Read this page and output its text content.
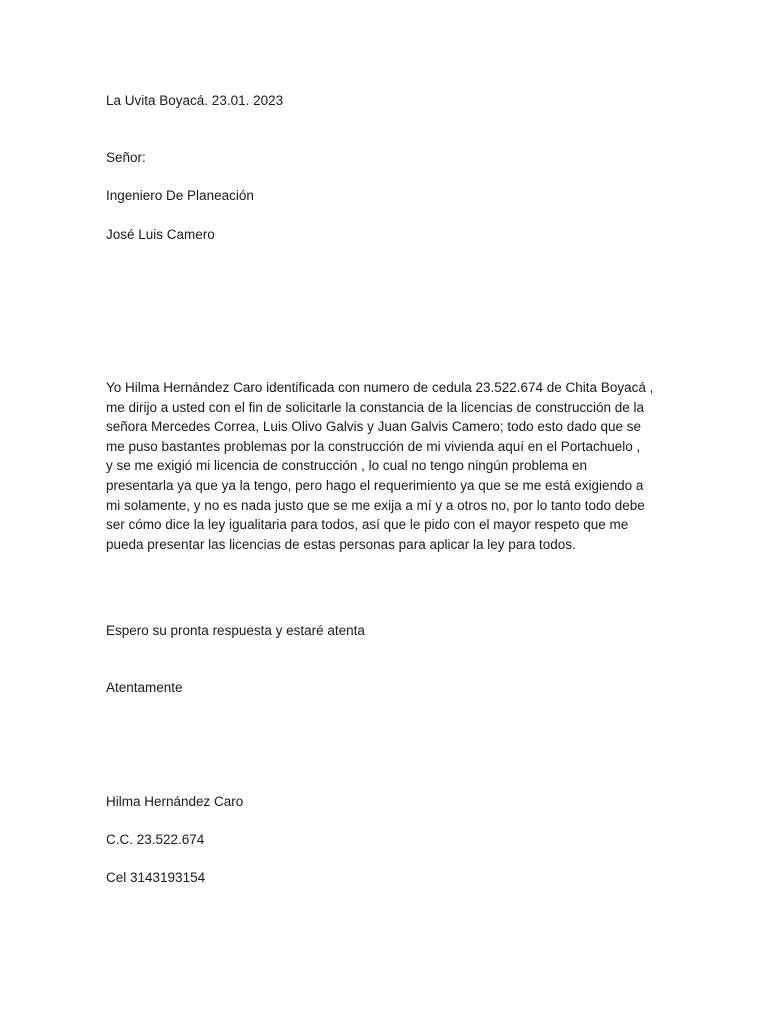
La Uvita Boyacá. 23.01. 2023

Señor:

Ingeniero De Planeación

José Luis Camero

Yo Hilma Hernández Caro identificada con numero de cedula 23.522.674 de Chita Boyacá ,
me dirijo a usted con el fin de solicitarle la constancia de la licencias de construcción de la
señora Mercedes Correa, Luis Olivo Galvis y Juan Galvis Camero; todo esto dado que se
me puso bastantes problemas por la construcción de mi vivienda aquí en el Portachuelo ,
y se me exigió mi licencia de construcción , lo cual no tengo ningún problema en
presentarla ya que ya la tengo, pero hago el requerimiento ya que se me está exigiendo a
mi solamente, y no es nada justo que se me exija a mí y a otros no, por lo tanto todo debe
ser cómo dice la ley igualitaria para todos, así que le pido con el mayor respeto que me
pueda presentar las licencias de estas personas para aplicar la ley para todos.

Espero su pronta respuesta y estaré atenta

Atentamente

Hilma Hernández Caro

C.C. 23.522.674

Cel 3143193154
